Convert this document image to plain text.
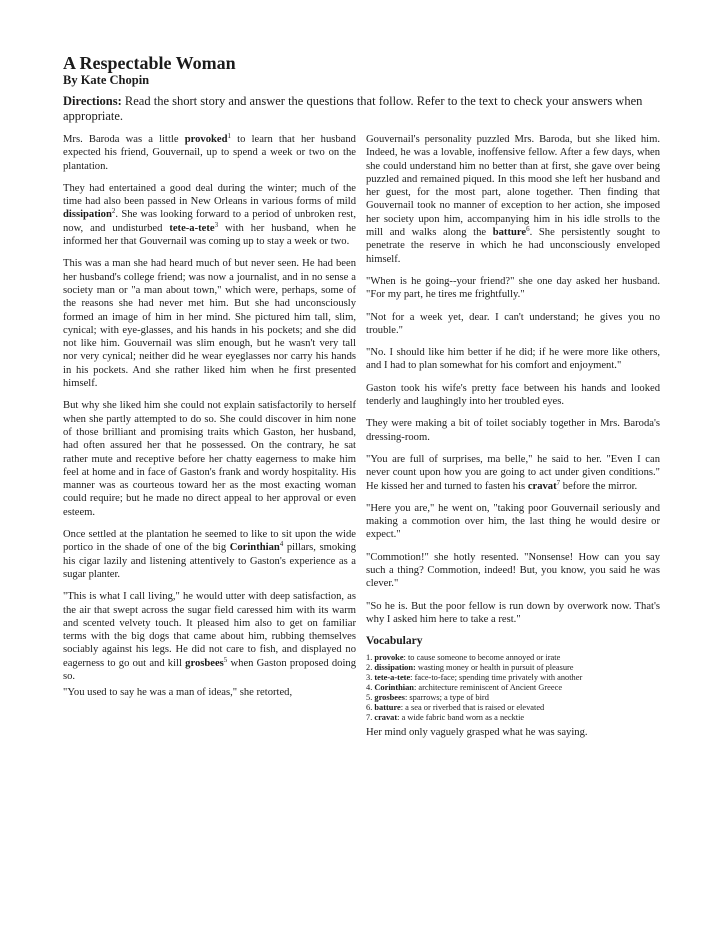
A Respectable Woman
By Kate Chopin

Directions: Read the short story and answer the questions that follow. Refer to the text to check your answers when appropriate.

Mrs. Baroda was a little provoked$^1$ to learn that her husband expected his friend, Gouvernail, up to spend a week or two on the plantation.

They had entertained a good deal during the winter; much of the time had also been passed in New Orleans in various forms of mild dissipation$^2$. She was looking forward to a period of unbroken rest, now, and undisturbed tete-a-tete$^3$ with her husband, when he informed her that Gouvernail was coming up to stay a week or two.

This was a man she had heard much of but never seen. He had been her husband's college friend; was now a journalist, and in no sense a society man or "a man about town," which were, perhaps, some of the reasons she had never met him. But she had unconsciously formed an image of him in her mind. She pictured him tall, slim, cynical; with eye-glasses, and his hands in his pockets; and she did not like him. Gouvernail was slim enough, but he wasn't very tall nor very cynical; neither did he wear eyeglasses nor carry his hands in his pockets. And she rather liked him when he first presented himself.

But why she liked him she could not explain satisfactorily to herself when she partly attempted to do so. She could discover in him none of those brilliant and promising traits which Gaston, her husband, had often assured her that he possessed. On the contrary, he sat rather mute and receptive before her chatty eagerness to make him feel at home and in face of Gaston's frank and wordy hospitality. His manner was as courteous toward her as the most exacting woman could require; but he made no direct appeal to her approval or even esteem.

Once settled at the plantation he seemed to like to sit upon the wide portico in the shade of one of the big Corinthian$^4$ pillars, smoking his cigar lazily and listening attentively to Gaston's experience as a sugar planter.

"This is what I call living," he would utter with deep satisfaction, as the air that swept across the sugar field caressed him with its warm and scented velvety touch. It pleased him also to get on familiar terms with the big dogs that came about him, rubbing themselves sociably against his legs. He did not care to fish, and displayed no eagerness to go out and kill grosbees$^5$ when Gaston proposed doing so.

"You used to say he was a man of ideas," she retorted,

Gouvernail's personality puzzled Mrs. Baroda, but she liked him. Indeed, he was a lovable, inoffensive fellow. After a few days, when she could understand him no better than at first, she gave over being puzzled and remained piqued. In this mood she left her husband and her guest, for the most part, alone together. Then finding that Gouvernail took no manner of exception to her action, she imposed her society upon him, accompanying him in his idle strolls to the mill and walks along the batture$^6$. She persistently sought to penetrate the reserve in which he had unconsciously enveloped himself.

"When is he going--your friend?" she one day asked her husband. "For my part, he tires me frightfully."

"Not for a week yet, dear. I can't understand; he gives you no trouble."

"No. I should like him better if he did; if he were more like others, and I had to plan somewhat for his comfort and enjoyment."

Gaston took his wife's pretty face between his hands and looked tenderly and laughingly into her troubled eyes.

They were making a bit of toilet sociably together in Mrs. Baroda's dressing-room.

"You are full of surprises, ma belle," he said to her. "Even I can never count upon how you are going to act under given conditions." He kissed her and turned to fasten his cravat$^7$ before the mirror.

"Here you are," he went on, "taking poor Gouvernail seriously and making a commotion over him, the last thing he would desire or expect."

"Commotion!" she hotly resented. "Nonsense! How can you say such a thing? Commotion, indeed! But, you know, you said he was clever."

"So he is. But the poor fellow is run down by overwork now. That's why I asked him here to take a rest."

Vocabulary
1. provoke: to cause someone to become annoyed or irate
2. dissipation: wasting money or health in pursuit of pleasure
3. tete-a-tete: face-to-face; spending time privately with another
4. Corinthian: architecture reminiscent of Ancient Greece
5. grosbees: sparrows; a type of bird
6. batture: a sea or riverbed that is raised or elevated
7. cravat: a wide fabric band worn as a necktie

Her mind only vaguely grasped what he was saying.
